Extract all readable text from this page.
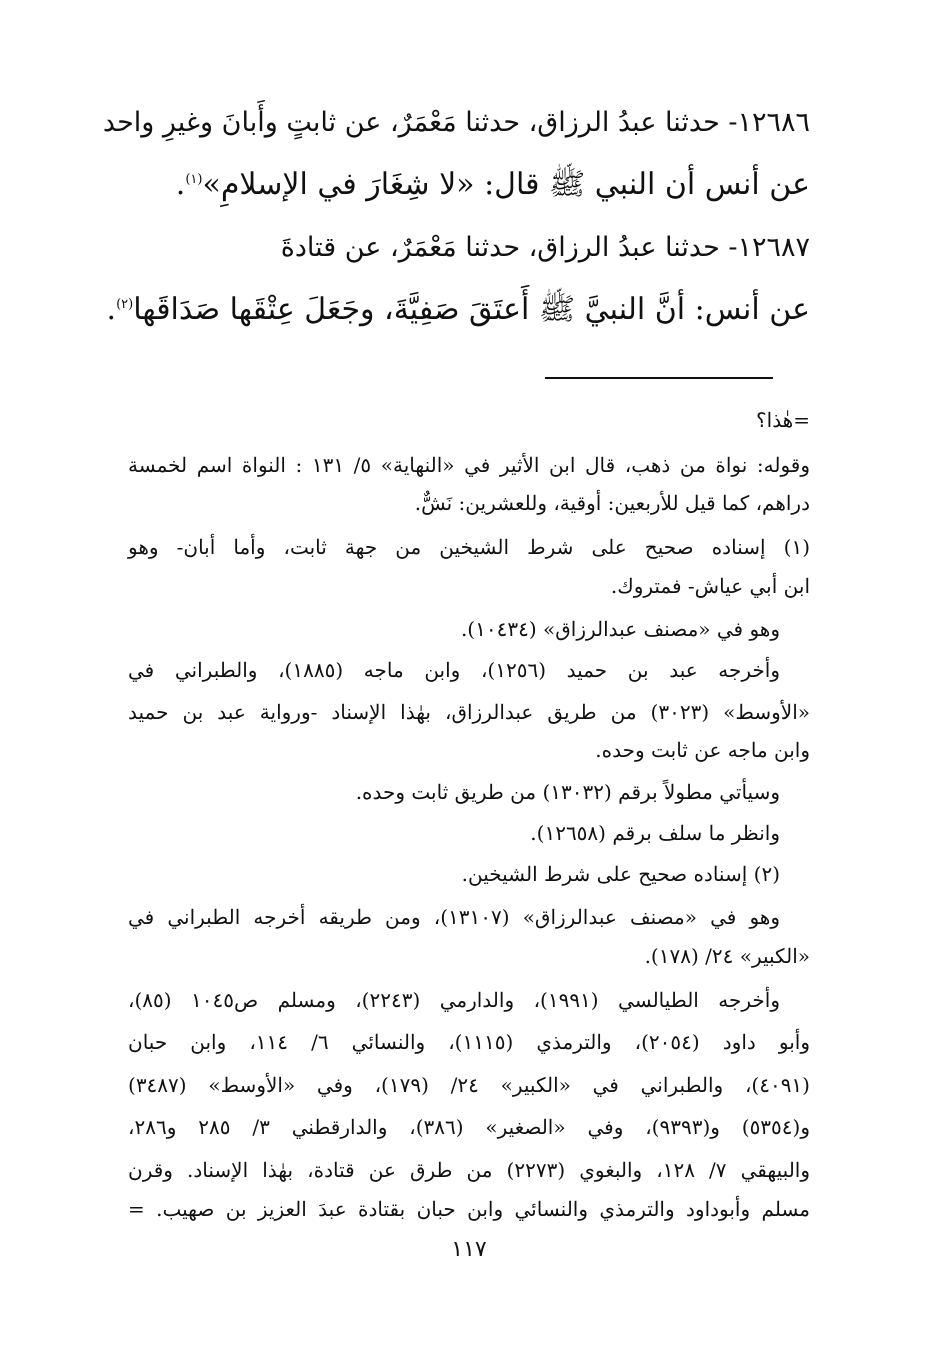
١٢٦٨٦- حدثنا عبدُ الرزاق، حدثنا مَعْمَرٌ، عن ثابتٍ وأَبانَ وغيرِ واحد
عن أنس أن النبي ﷺ قال: «لا شِغَارَ في الإسلامِ»$^{(١)}$.
١٢٦٨٧- حدثنا عبدُ الرزاق، حدثنا مَعْمَرٌ، عن قتادةَ
عن أنس: أنَّ النبيَّ ﷺ أَعتَقَ صَفِيَّةَ، وجَعَلَ عِتْقَها صَدَاقَها$^{(٢)}$.
=هٰذا؟
وقوله: نواة من ذهب، قال ابن الأثير في «النهاية» ٥/ ١٣١ : النواة اسم لخمسة
دراهم، كما قيل للأربعين: أوقية، وللعشرين: نَشٌّ.
(١) إسناده صحيح على شرط الشيخين من جهة ثابت، وأما أبان- وهو
ابن أبي عياش- فمتروك.
وهو في «مصنف عبدالرزاق» (١٠٤٣٤).
وأخرجه عبد بن حميد (١٢٥٦)، وابن ماجه (١٨٨٥)، والطبراني في
«الأوسط» (٣٠٢٣) من طريق عبدالرزاق، بهٰذا الإسناد -ورواية عبد بن حميد
وابن ماجه عن ثابت وحده.
وسيأتي مطولاً برقم (١٣٠٣٢) من طريق ثابت وحده.
وانظر ما سلف برقم (١٢٦٥٨).
(٢) إسناده صحيح على شرط الشيخين.
وهو في «مصنف عبدالرزاق» (١٣١٠٧)، ومن طريقه أخرجه الطبراني في
«الكبير» ٢٤/ (١٧٨).
وأخرجه الطيالسي (١٩٩١)، والدارمي (٢٢٤٣)، ومسلم ص١٠٤٥ (٨٥)،
وأبو داود (٢٠٥٤)، والترمذي (١١١٥)، والنسائي ٦/ ١١٤، وابن حبان
(٤٠٩١)، والطبراني في «الكبير» ٢٤/ (١٧٩)، وفي «الأوسط» (٣٤٨٧)
و(٥٣٥٤) و(٩٣٩٣)، وفي «الصغير» (٣٨٦)، والدارقطني ٣/ ٢٨٥ و٢٨٦،
والبيهقي ٧/ ١٢٨، والبغوي (٢٢٧٣) من طرق عن قتادة، بهٰذا الإسناد. وقرن
مسلم وأبوداود والترمذي والنسائي وابن حبان بقتادة عبدَ العزيز بن صهيب. =
١١٧
